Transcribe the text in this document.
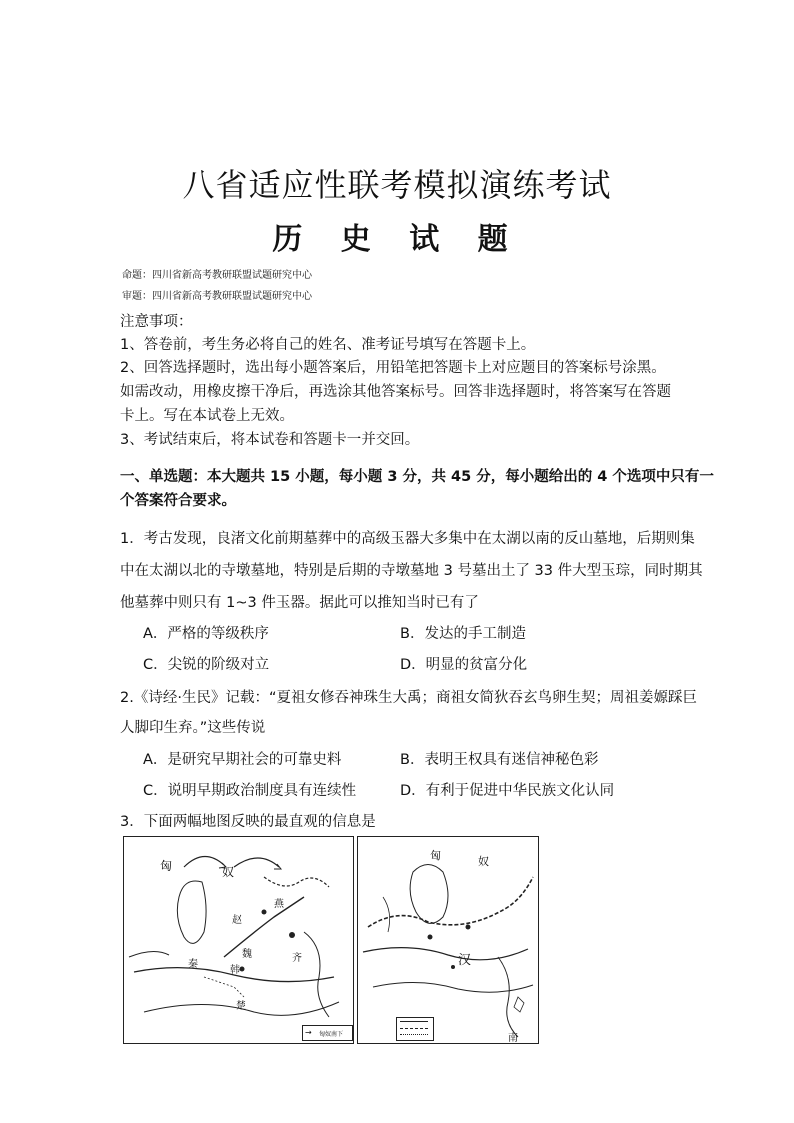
八省适应性联考模拟演练考试
历 史 试 题
命题：四川省新高考教研联盟试题研究中心
审题：四川省新高考教研联盟试题研究中心
注意事项：
1、答卷前，考生务必将自己的姓名、准考证号填写在答题卡上。
2、回答选择题时，选出每小题答案后，用铅笔把答题卡上对应题目的答案标号涂黑。
如需改动，用橡皮擦干净后，再选涂其他答案标号。回答非选择题时，将答案写在答题
卡上。写在本试卷上无效。
3、考试结束后，将本试卷和答题卡一并交回。
一、单选题：本大题共 15 小题，每小题 3 分，共 45 分，每小题给出的 4 个选项中只有一
个答案符合要求。
1．考古发现，良渚文化前期墓葬中的高级玉器大多集中在太湖以南的反山墓地，后期则集
中在太湖以北的寺墩墓地，特别是后期的寺墩墓地 3 号墓出土了 33 件大型玉琮，同时期其
他墓葬中则只有 1~3 件玉器。据此可以推知当时已有了
A．严格的等级秩序	B．发达的手工制造
C．尖锐的阶级对立	D．明显的贫富分化
2.《诗经·生民》记载：“夏祖女修吞神珠生大禹；商祖女简狄吞玄鸟卵生契；周祖姜嫄踩巨
人脚印生弃。”这些传说
A．是研究早期社会的可靠史料	B．表明王权具有迷信神秘色彩
C．说明早期政治制度具有连续性	D．有利于促进中华民族文化认同
3．下面两幅地图反映的最直观的信息是
匈	奴
燕
赵
秦
韩
魏	齐
楚
→ 匈奴南下
匈	奴
汉
南
